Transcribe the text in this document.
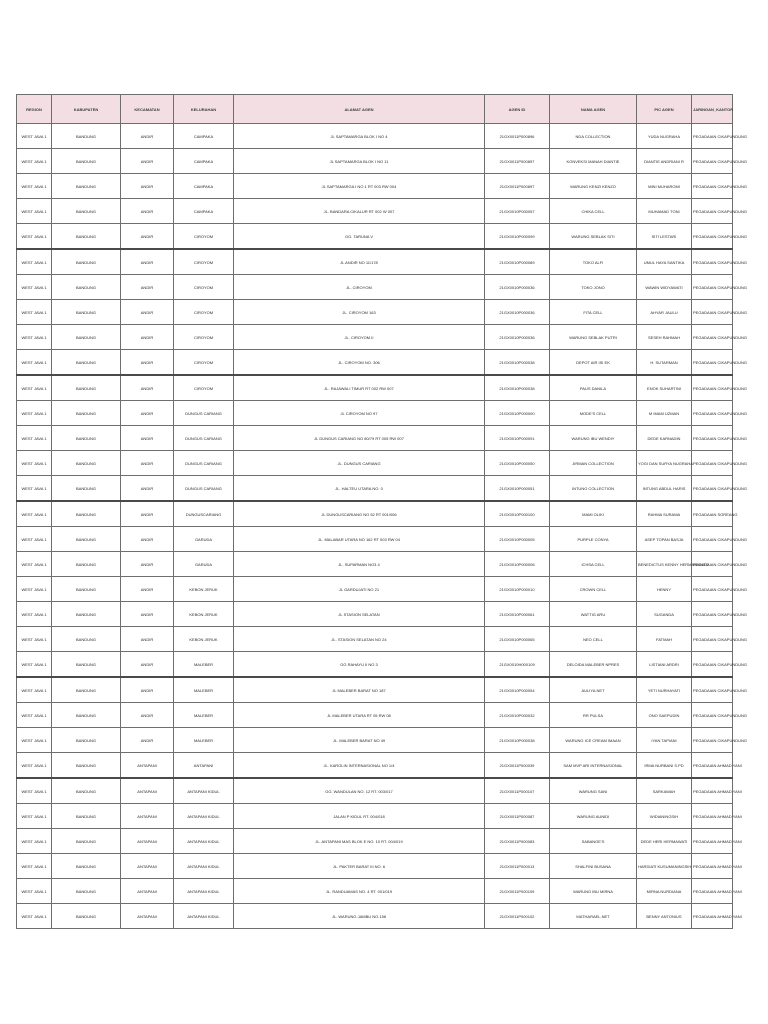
REGION	KABUPATEN	KECAMATAN	KELURAHAN	ALAMAT AGEN	AGEN ID	NAMA AGEN	PIC AGEN	JARINGAN_KANTOR
WEST JAVA 1	BANDUNG	ANDIR	CAMPAKA	JL SAPTAMARGA BLOK I NO 4	21GX0011P000896	NDA COLLECTION	YUDA NUGRAHA	PEGADAIAN CIKAPUNDUNG
WEST JAVA 1	BANDUNG	ANDIR	CAMPAKA	JL SAPTAMARGA BLOK I NO 11	21GX0011P000897	KONVEKSI MANAH DIANTIE	DIANTIE ANDRIANI R	PEGADAIAN CIKAPUNDUNG
WEST JAVA 1	BANDUNG	ANDIR	CAMPAKA	JL SAPTAMARGA I NO 1 RT 003 RW 004	21GX0011P000897	WARUNG KENZI KENZO	MINI MUHAROMI	PEGADAIAN CIKAPUNDUNG
WEST JAVA 1	BANDUNG	ANDIR	CAMPAKA	JL. BANDARA CIKALUR RT 002 W 007	21GX0010P000057	CHIKA CELL	MUHAMAD TONI	PEGADAIAN CIKAPUNDUNG
WEST JAVA 1	BANDUNG	ANDIR	CIROYOM	GG. TARUNA V	21GX0010P000099	WARUNG SEBLAK SITI	SITI LESTARI	PEGADAIAN CIKAPUNDUNG
WEST JAVA 1	BANDUNG	ANDIR	CIROYOM	JL ANDIR NO 11/178	21GX0010P000089	TOKO ALFI	UMUL HAYA SANTIKA	PEGADAIAN CIKAPUNDUNG
WEST JAVA 1	BANDUNG	ANDIR	CIROYOM	JL. CIROYOM	21GX0010P000036	TOKO JONO	WAWIN WIDYAWATI	PEGADAIAN CIKAPUNDUNG
WEST JAVA 1	BANDUNG	ANDIR	CIROYOM	JL. CIROYOM 163	21GX0010P000036	FITA CELL	AHYAR JAULU	PEGADAIAN CIKAPUNDUNG
WEST JAVA 1	BANDUNG	ANDIR	CIROYOM	JL. CIROYOM II	21GX0010P000036	WARUNG SEBLAK PUTRI	SESEH RAHMAH	PEGADAIAN CIKAPUNDUNG
WEST JAVA 1	BANDUNG	ANDIR	CIROYOM	JL. CIROYOM NO. 306	21GX0010P000038	DEPOT AIR ISI EK	H. SUTARMAN	PEGADAIAN CIKAPUNDUNG
WEST JAVA 1	BANDUNG	ANDIR	CIROYOM	JL. RAJAWALI TIMUR RT 002 RW 007	21GX0010P000038	PAUS DANILA	ENOK SUHARTINI	PEGADAIAN CIKAPUNDUNG
WEST JAVA 1	BANDUNG	ANDIR	DUNGUS CARIANG	JL CIROYOM NO 97	21GX0010P000000	MODE'S CELL	M IMAM UZMAN	PEGADAIAN CIKAPUNDUNG
WEST JAVA 1	BANDUNG	ANDIR	DUNGUS CARIANG	JL DUNGUS CARIANG NO 80/79 RT 005 RW 007	21GX0010P000091	WARUNG IBU WENDIY	DEDE KARNADIN	PEGADAIAN CIKAPUNDUNG
WEST JAVA 1	BANDUNG	ANDIR	DUNGUS CARIANG	JL. DUNGUS CARIANG	21GX0010P000050	JIRMAN COLLECTION	YOGI DAN SURYA NUGRAHA	PEGADAIAN CIKAPUNDUNG
WEST JAVA 1	BANDUNG	ANDIR	DUNGUS CARIANG	JL. HALTEU UTARA NO. 0	21GX0010P000051	INTUNG COLLECTION	INTUNG ABDUL HARIS	PEGADAIAN CIKAPUNDUNG
WEST JAVA 1	BANDUNG	ANDIR	DUNGUSCARIANG	JL DUNGUSCARIANG NO 52 RT 001/006	21GX0010P000100	MAMI OLIKI	RAHMA SURAMA	PEGADAIAN SOREANG
WEST JAVA 1	BANDUNG	ANDIR	GARUDA	JL. MALABAR UTARA NO 162 RT 003 RW 04	21GX0010P000005	PURPLE CONYA	ASEP TOPAN BASJA	PEGADAIAN CIKAPUNDUNG
WEST JAVA 1	BANDUNG	ANDIR	GARUDA	JL. SUPARMAN NO3 4	21GX0010P000006	ICHSA CELL	BENEDICTUS KENNY HERMAWANTO	PEGADAIAN CIKAPUNDUNG
WEST JAVA 1	BANDUNG	ANDIR	KEBON JERUK	JL GARDUJATI NO 21	21GX0010P000010	CROWN CELL	HENNY	PEGADAIAN CIKAPUNDUNG
WEST JAVA 1	BANDUNG	ANDIR	KEBON JERUK	JL STASION SELATAN	21GX0010P000061	WATTIG ARU	SUGANDA	PEGADAIAN CIKAPUNDUNG
WEST JAVA 1	BANDUNG	ANDIR	KEBON JERUK	JL. STASION SELATAN NO 24	21GX0010P000065	NEO CELL	FATMAH	PEGADAIAN CIKAPUNDUNG
WEST JAVA 1	BANDUNG	ANDIR	MALEBER	GG RAHAYU II NO 3	21GX0010H000109	DELOIDA MALEBER NPRES	LISTIANI ARDRI	PEGADAIAN CIKAPUNDUNG
WEST JAVA 1	BANDUNG	ANDIR	MALEBER	JL MALEBER BARAT NO 187	21GX0010P000054	AULIYA.NET	YETI NURHAYATI	PEGADAIAN CIKAPUNDUNG
WEST JAVA 1	BANDUNG	ANDIR	MALEBER	JL MALEBER UTARA RT 05 RW 08	21GX0010P000032	RR PULSA	ONO SAEPUDIN	PEGADAIAN CIKAPUNDUNG
WEST JAVA 1	BANDUNG	ANDIR	MALEBER	JL. MALEBER BARAT NO 49	21GX0010P000038	WARUNG ICE CREAM IMAAN	IYAN TAPIANI	PEGADAIAN CIKAPUNDUNG
WEST JAVA 1	BANDUNG	ANTAPANI	ANTAPANI	JL. KAROLIN INTERNASIONAL NO 1/4	21GX0011P000039	SAM MVP ARI INTERNASIONAL	IRMA NURBANI S.PD	PEGADAIAN AHMAD YANI
WEST JAVA 1	BANDUNG	ANTAPANI	ANTAPANI KIDUL	GG. WANDULAN NO. 12 RT. 003/017	21GX0011P000107	WARUNG SANI	SARKAWAH	PEGADAIAN AHMAD YANI
WEST JAVA 1	BANDUNG	ANTAPANI	ANTAPANI KIDUL	JALAN P KIDUL RT. 004/018	21GX0011P000087	WARUNG AUNIDI	WIDIANINGSIH	PEGADAIAN AHMAD YANI
WEST JAVA 1	BANDUNG	ANTAPANI	ANTAPANI KIDUL	JL. ANTAPANI MAS BLOK E NO. 10 RT. 004/019	21GX0011P000083	SABANGE'S	DEDE HERI HERMAWATI	PEGADAIAN AHMAD YANI
WEST JAVA 1	BANDUNG	ANTAPANI	ANTAPANI KIDUL	JL. PAKTER BARAT III NO. 6	21GX0011P000013	SHALFINI BUSANA	HARDIATI KUSUMANINGSIH	PEGADAIAN AHMAD YANI
WEST JAVA 1	BANDUNG	ANTAPANI	ANTAPANI KIDUL	JL. RANDUAMAS NO. 4 RT. 001/019	21GX0011P000109	WARUNG IBU MIRNA	MIRNA NURDIANA	PEGADAIAN AHMAD YANI
WEST JAVA 1	BANDUNG	ANTAPANI	ANTAPANI KIDUL	JL. WARUNG JAMBU NO.156	21GX0011P000102	MATHARAEL.NET	BENNY ANTONIUS	PEGADAIAN AHMAD YANI
